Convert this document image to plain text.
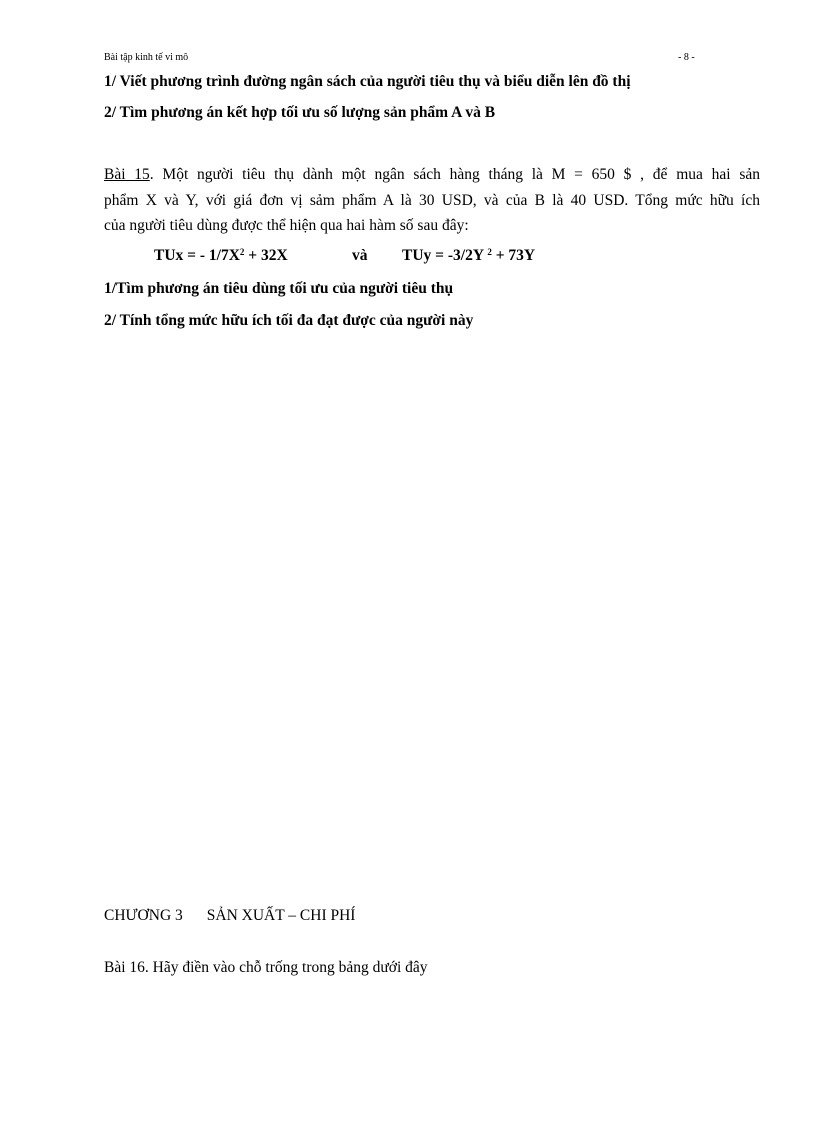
Bài tập kinh tế vi mô	- 8 -
1/ Viết phương trình đường ngân sách của người tiêu thụ và biểu diễn lên đồ thị
2/ Tìm phương án kết hợp tối ưu số lượng sản phẩm A và B
Bài 15. Một người tiêu thụ dành một ngân sách hàng tháng là M = 650 $ , để mua hai sản
phẩm X và Y, với giá đơn vị sảm phẩm A là 30 USD, và của B là 40 USD. Tổng mức hữu ích
của người tiêu dùng được thể hiện qua hai hàm số sau đây:
TUx = - $1/7X^2 + 32X$	và TUy = -3/2Y $^2$ + 73Y
1/Tìm phương án tiêu dùng tối ưu của người tiêu thụ
2/ Tính tổng mức hữu ích tối đa đạt được của người này
CHƯƠNG 3 SẢN XUẤT – CHI PHÍ
Bài 16. Hãy điền vào chỗ trống trong bảng dưới đây
